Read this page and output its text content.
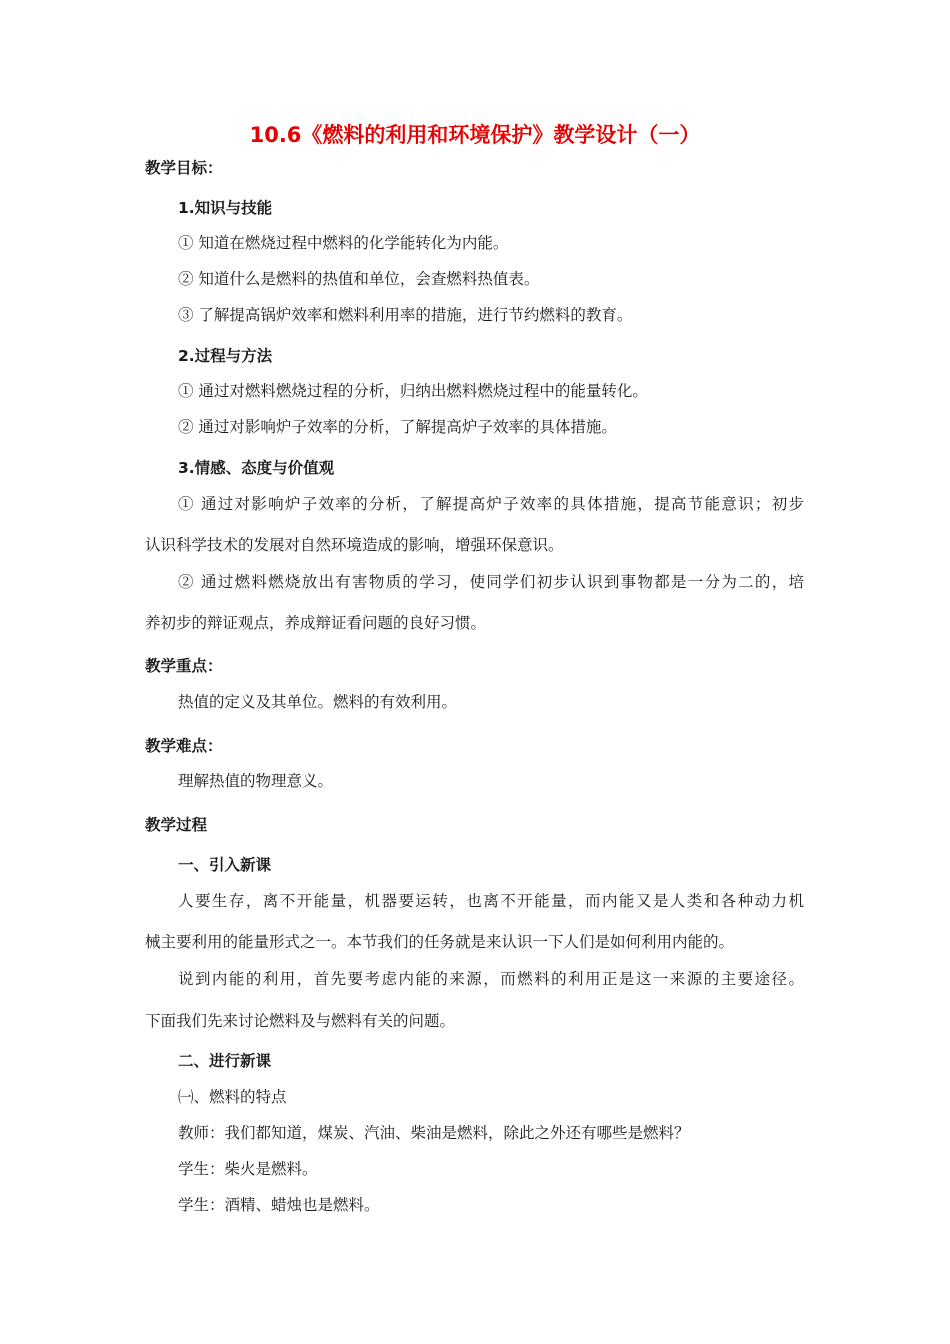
10.6《燃料的利用和环境保护》教学设计（一）
教学目标：
1.知识与技能
① 知道在燃烧过程中燃料的化学能转化为内能。
② 知道什么是燃料的热值和单位，会查燃料热值表。
③ 了解提高锅炉效率和燃料利用率的措施，进行节约燃料的教育。
2.过程与方法
① 通过对燃料燃烧过程的分析，归纳出燃料燃烧过程中的能量转化。
② 通过对影响炉子效率的分析，了解提高炉子效率的具体措施。
3.情感、态度与价值观
① 通过对影响炉子效率的分析，了解提高炉子效率的具体措施，提高节能意识；初步
认识科学技术的发展对自然环境造成的影响，增强环保意识。
② 通过燃料燃烧放出有害物质的学习，使同学们初步认识到事物都是一分为二的，培
养初步的辩证观点，养成辩证看问题的良好习惯。
教学重点：
热值的定义及其单位。燃料的有效利用。
教学难点：
理解热值的物理意义。
教学过程
一、引入新课
人要生存，离不开能量，机器要运转，也离不开能量，而内能又是人类和各种动力机
械主要利用的能量形式之一。本节我们的任务就是来认识一下人们是如何利用内能的。
说到内能的利用，首先要考虑内能的来源，而燃料的利用正是这一来源的主要途径。
下面我们先来讨论燃料及与燃料有关的问题。
二、进行新课
㈠、燃料的特点
教师：我们都知道，煤炭、汽油、柴油是燃料，除此之外还有哪些是燃料？
学生：柴火是燃料。
学生：酒精、蜡烛也是燃料。
